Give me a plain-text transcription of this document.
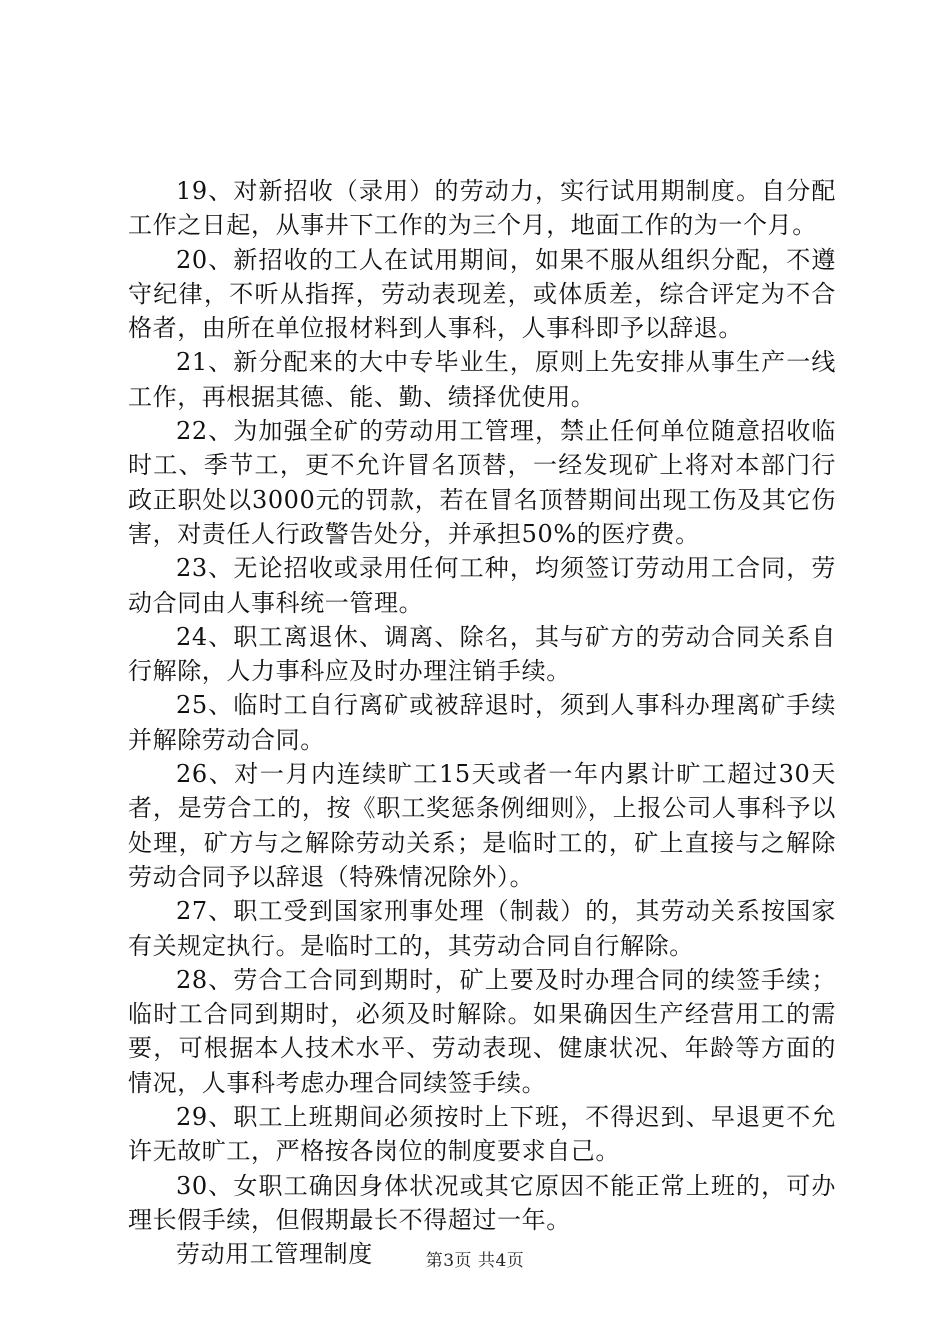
19、对新招收（录用）的劳动力，实行试用期制度。自分配工作之日起，从事井下工作的为三个月，地面工作的为一个月。

20、新招收的工人在试用期间，如果不服从组织分配，不遵守纪律，不听从指挥，劳动表现差，或体质差，综合评定为不合格者，由所在单位报材料到人事科，人事科即予以辞退。

21、新分配来的大中专毕业生，原则上先安排从事生产一线工作，再根据其德、能、勤、绩择优使用。

22、为加强全矿的劳动用工管理，禁止任何单位随意招收临时工、季节工，更不允许冒名顶替，一经发现矿上将对本部门行政正职处以3000元的罚款，若在冒名顶替期间出现工伤及其它伤害，对责任人行政警告处分，并承担50%的医疗费。

23、无论招收或录用任何工种，均须签订劳动用工合同，劳动合同由人事科统一管理。

24、职工离退休、调离、除名，其与矿方的劳动合同关系自行解除，人力事科应及时办理注销手续。

25、临时工自行离矿或被辞退时，须到人事科办理离矿手续并解除劳动合同。

26、对一月内连续旷工15天或者一年内累计旷工超过30天者，是劳合工的，按《职工奖惩条例细则》，上报公司人事科予以处理，矿方与之解除劳动关系；是临时工的，矿上直接与之解除劳动合同予以辞退（特殊情况除外）。

27、职工受到国家刑事处理（制裁）的，其劳动关系按国家有关规定执行。是临时工的，其劳动合同自行解除。

28、劳合工合同到期时，矿上要及时办理合同的续签手续；临时工合同到期时，必须及时解除。如果确因生产经营用工的需要，可根据本人技术水平、劳动表现、健康状况、年龄等方面的情况，人事科考虑办理合同续签手续。

29、职工上班期间必须按时上下班，不得迟到、早退更不允许无故旷工，严格按各岗位的制度要求自己。

30、女职工确因身体状况或其它原因不能正常上班的，可办理长假手续，但假期最长不得超过一年。

劳动用工管理制度	第3页 共4页
